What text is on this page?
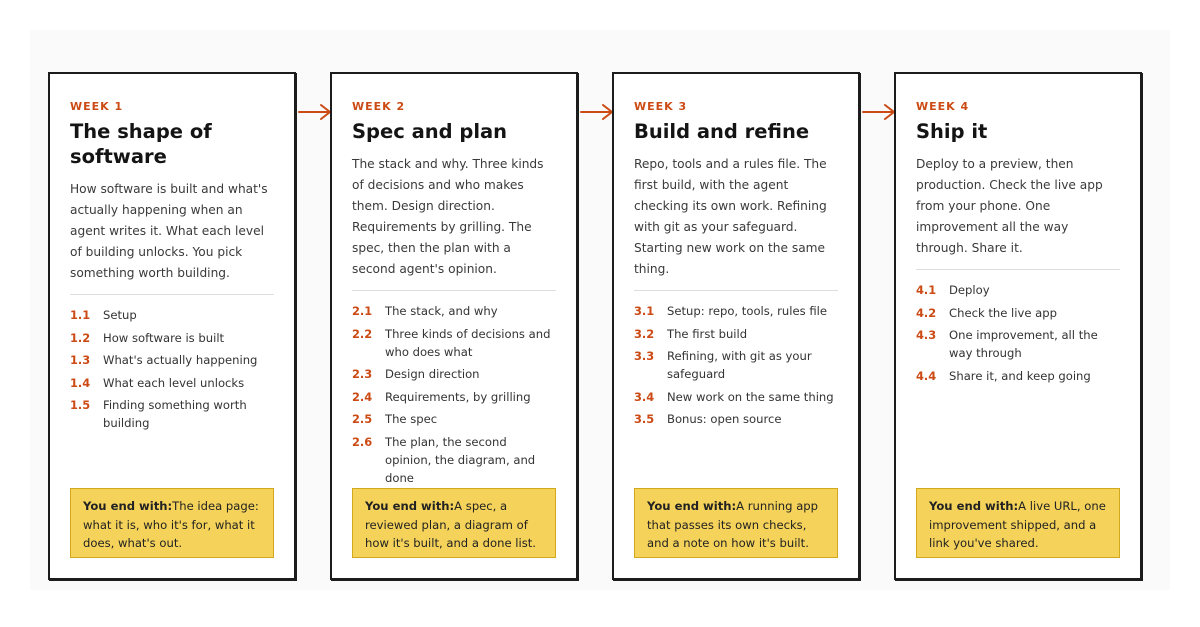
WEEK 1
The shape of software
How software is built and what's actually happening when an agent writes it. What each level of building unlocks. You pick something worth building.
1.1	Setup
1.2	How software is built
1.3	What's actually happening
1.4	What each level unlocks
1.5	Finding something worth building
You end with:The idea page: what it is, who it's for, what it does, what's out.
WEEK 2
Spec and plan
The stack and why. Three kinds of decisions and who makes them. Design direction. Requirements by grilling. The spec, then the plan with a second agent's opinion.
2.1	The stack, and why
2.2	Three kinds of decisions and who does what
2.3	Design direction
2.4	Requirements, by grilling
2.5	The spec
2.6	The plan, the second opinion, the diagram, and done
You end with:A spec, a reviewed plan, a diagram of how it's built, and a done list.
WEEK 3
Build and refine
Repo, tools and a rules file. The first build, with the agent checking its own work. Refining with git as your safeguard. Starting new work on the same thing.
3.1	Setup: repo, tools, rules file
3.2	The first build
3.3	Refining, with git as your safeguard
3.4	New work on the same thing
3.5	Bonus: open source
You end with:A running app that passes its own checks, and a note on how it's built.
WEEK 4
Ship it
Deploy to a preview, then production. Check the live app from your phone. One improvement all the way through. Share it.
4.1	Deploy
4.2	Check the live app
4.3	One improvement, all the way through
4.4	Share it, and keep going
You end with:A live URL, one improvement shipped, and a link you've shared.
